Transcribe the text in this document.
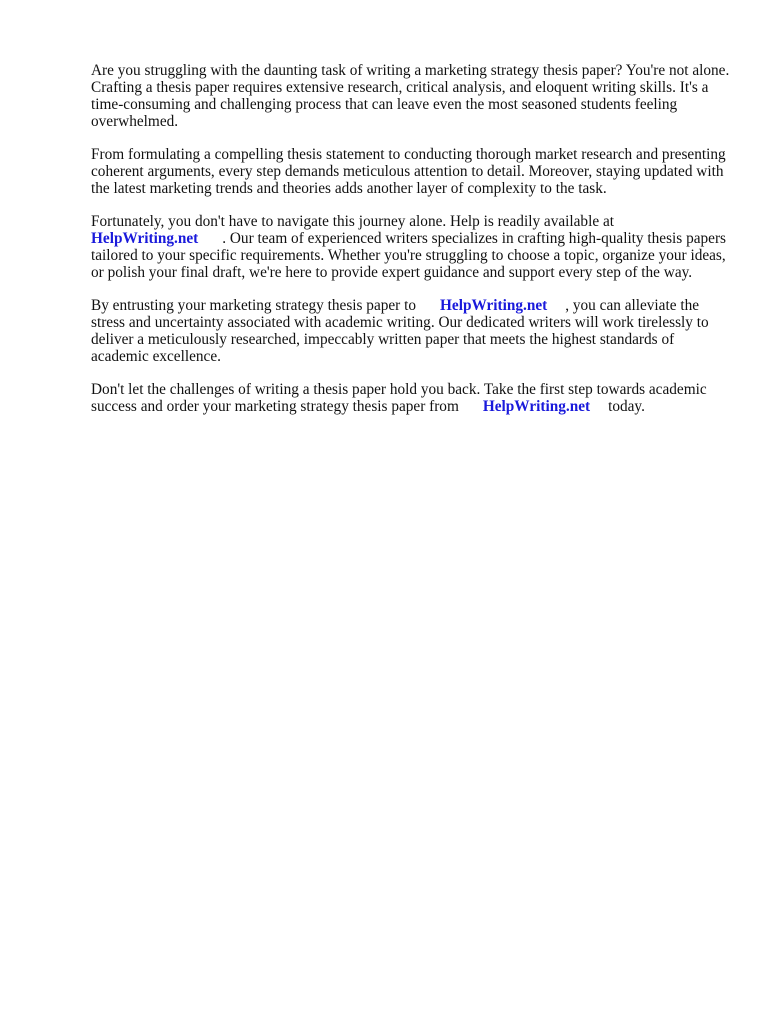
Are you struggling with the daunting task of writing a marketing strategy thesis paper? You're not alone. Crafting a thesis paper requires extensive research, critical analysis, and eloquent writing skills. It's a time-consuming and challenging process that can leave even the most seasoned students feeling overwhelmed.

From formulating a compelling thesis statement to conducting thorough market research and presenting coherent arguments, every step demands meticulous attention to detail. Moreover, staying updated with the latest marketing trends and theories adds another layer of complexity to the task.

Fortunately, you don't have to navigate this journey alone. Help is readily available at
HelpWriting.net . Our team of experienced writers specializes in crafting high-quality thesis papers tailored to your specific requirements. Whether you're struggling to choose a topic, organize your ideas, or polish your final draft, we're here to provide expert guidance and support every step of the way.

By entrusting your marketing strategy thesis paper to HelpWriting.net , you can alleviate the stress and uncertainty associated with academic writing. Our dedicated writers will work tirelessly to deliver a meticulously researched, impeccably written paper that meets the highest standards of academic excellence.

Don't let the challenges of writing a thesis paper hold you back. Take the first step towards academic success and order your marketing strategy thesis paper from HelpWriting.net today.
